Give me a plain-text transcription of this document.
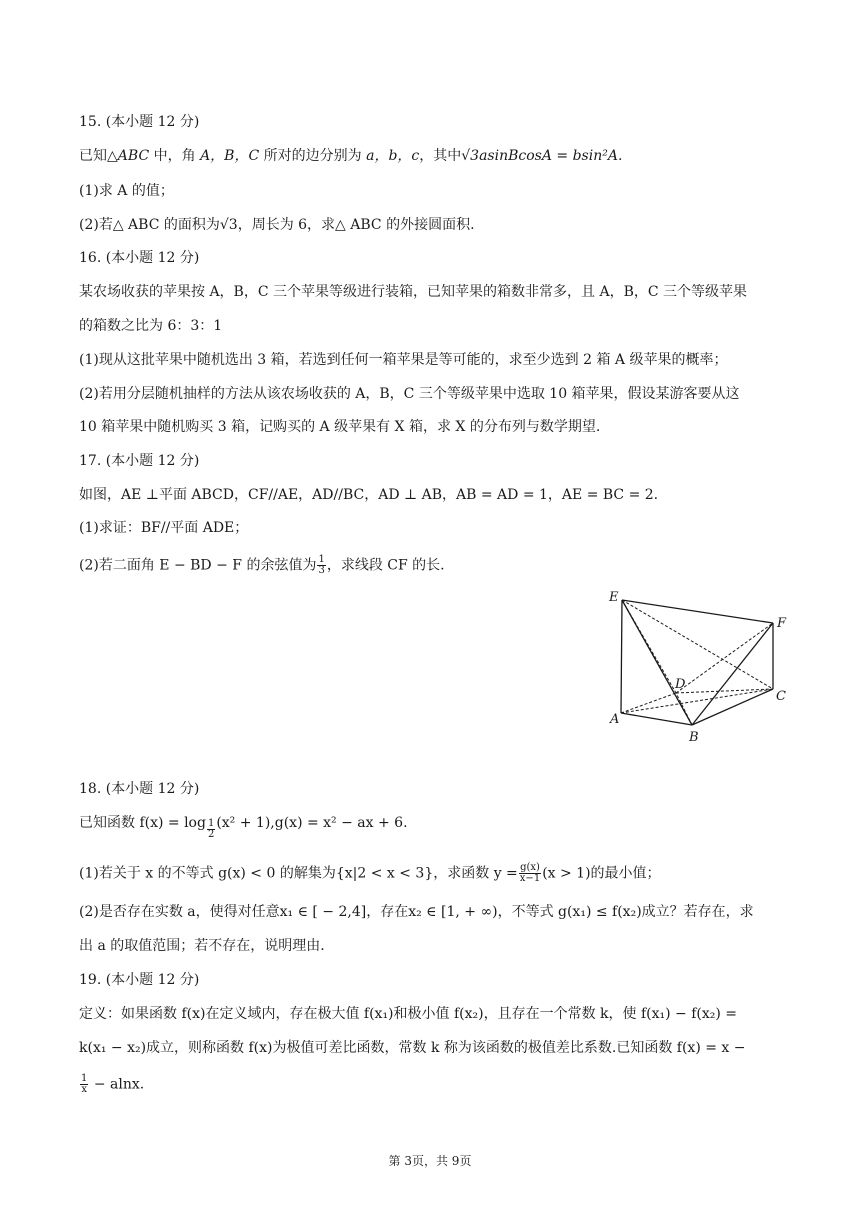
15. (本小题 12 分)
已知△ABC 中，角 A，B，C 所对的边分别为 a，b，c，其中√3asinBcosA = bsin²A.
(1)求 A 的值；
(2)若△ ABC 的面积为√3，周长为 6，求△ ABC 的外接圆面积.
16. (本小题 12 分)
某农场收获的苹果按 A，B，C 三个苹果等级进行装箱，已知苹果的箱数非常多，且 A，B，C 三个等级苹果
的箱数之比为 6：3：1
(1)现从这批苹果中随机选出 3 箱，若选到任何一箱苹果是等可能的，求至少选到 2 箱 A 级苹果的概率；
(2)若用分层随机抽样的方法从该农场收获的 A，B，C 三个等级苹果中选取 10 箱苹果，假设某游客要从这
10 箱苹果中随机购买 3 箱，记购买的 A 级苹果有 X 箱，求 X 的分布列与数学期望.
17. (本小题 12 分)
如图，AE ⊥平面 ABCD，CF//AE，AD//BC，AD ⊥ AB，AB = AD = 1，AE = BC = 2.
(1)求证：BF//平面 ADE；
(2)若二面角 E − BD − F 的余弦值为 $\frac{1}{3}$ ，求线段 CF 的长.
E
F
D
C
A
B
18. (本小题 12 分)
已知函数 $f(x) = \log \frac{1}{2} (x^2 + 1),g(x) = x^2$ − ax + 6.
(1)若关于 x 的不等式 g(x) < 0 的解集为{x|2 < x < 3}，求函数 $y = \frac{g(x)}{x-1} (x > 1)$的最小值；
(2)是否存在实数 a，使得对任意x₁ ∈ [ − 2,4]，存在x₂ ∈ [1, + ∞)，不等式 g(x₁) ≤ f(x₂)成立？若存在，求
出 a 的取值范围；若不存在，说明理由.
19. (本小题 12 分)
定义：如果函数 f(x)在定义域内，存在极大值 f(x₁)和极小值 f(x₂)，且存在一个常数 k，使 f(x₁) − f(x₂) =
k(x₁ − x₂)成立，则称函数 f(x)为极值可差比函数，常数 k 称为该函数的极值差比系数.已知函数 f(x) = x −
$\frac{1}{x} - alnx$.
第 3页，共 9页
